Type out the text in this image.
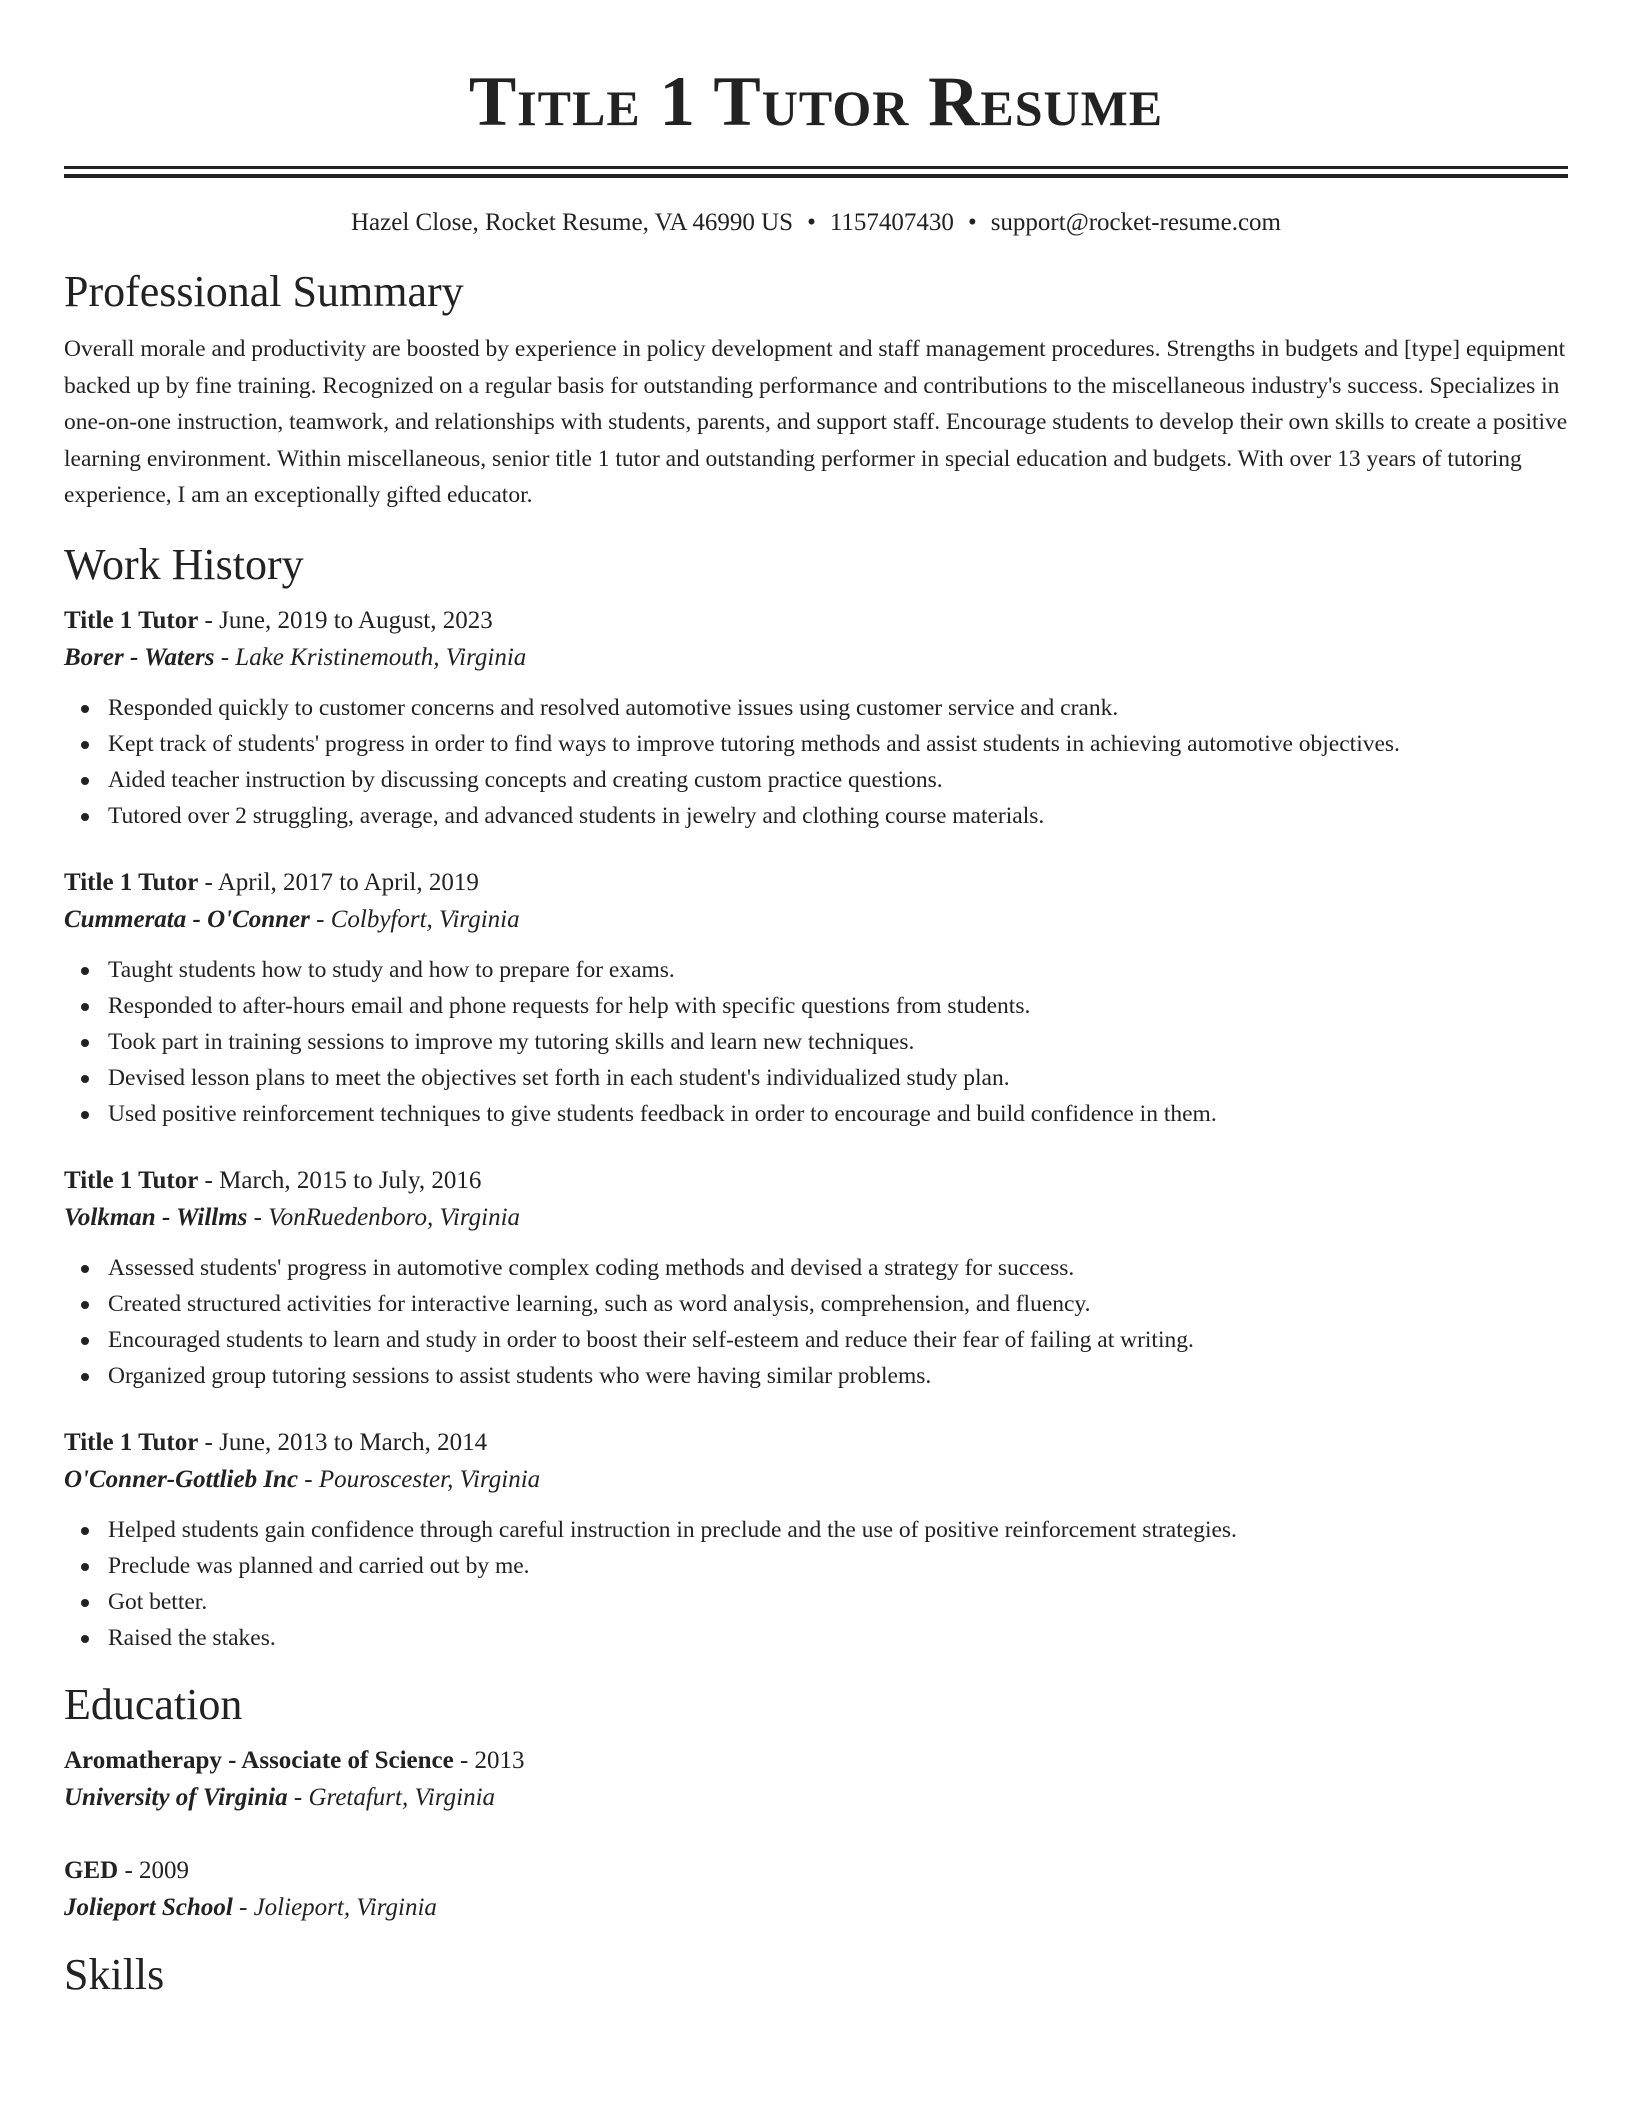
Title 1 Tutor Resume
Hazel Close, Rocket Resume, VA 46990 US • 1157407430 • support@rocket-resume.com
Professional Summary

Overall morale and productivity are boosted by experience in policy development and staff management procedures. Strengths in budgets and [type] equipment backed up by fine training. Recognized on a regular basis for outstanding performance and contributions to the miscellaneous industry's success. Specializes in one-on-one instruction, teamwork, and relationships with students, parents, and support staff. Encourage students to develop their own skills to create a positive learning environment. Within miscellaneous, senior title 1 tutor and outstanding performer in special education and budgets. With over 13 years of tutoring experience, I am an exceptionally gifted educator.

Work History
Title 1 Tutor - June, 2019 to August, 2023
Borer - Waters - Lake Kristinemouth, Virginia
Responded quickly to customer concerns and resolved automotive issues using customer service and crank.
Kept track of students' progress in order to find ways to improve tutoring methods and assist students in achieving automotive objectives.
Aided teacher instruction by discussing concepts and creating custom practice questions.
Tutored over 2 struggling, average, and advanced students in jewelry and clothing course materials.
Title 1 Tutor - April, 2017 to April, 2019
Cummerata - O'Conner - Colbyfort, Virginia
Taught students how to study and how to prepare for exams.
Responded to after-hours email and phone requests for help with specific questions from students.
Took part in training sessions to improve my tutoring skills and learn new techniques.
Devised lesson plans to meet the objectives set forth in each student's individualized study plan.
Used positive reinforcement techniques to give students feedback in order to encourage and build confidence in them.
Title 1 Tutor - March, 2015 to July, 2016
Volkman - Willms - VonRuedenboro, Virginia
Assessed students' progress in automotive complex coding methods and devised a strategy for success.
Created structured activities for interactive learning, such as word analysis, comprehension, and fluency.
Encouraged students to learn and study in order to boost their self-esteem and reduce their fear of failing at writing.
Organized group tutoring sessions to assist students who were having similar problems.
Title 1 Tutor - June, 2013 to March, 2014
O'Conner-Gottlieb Inc - Pouroscester, Virginia
Helped students gain confidence through careful instruction in preclude and the use of positive reinforcement strategies.
Preclude was planned and carried out by me.
Got better.
Raised the stakes.
Education
Aromatherapy - Associate of Science - 2013
University of Virginia - Gretafurt, Virginia
GED - 2009
Jolieport School - Jolieport, Virginia
Skills
